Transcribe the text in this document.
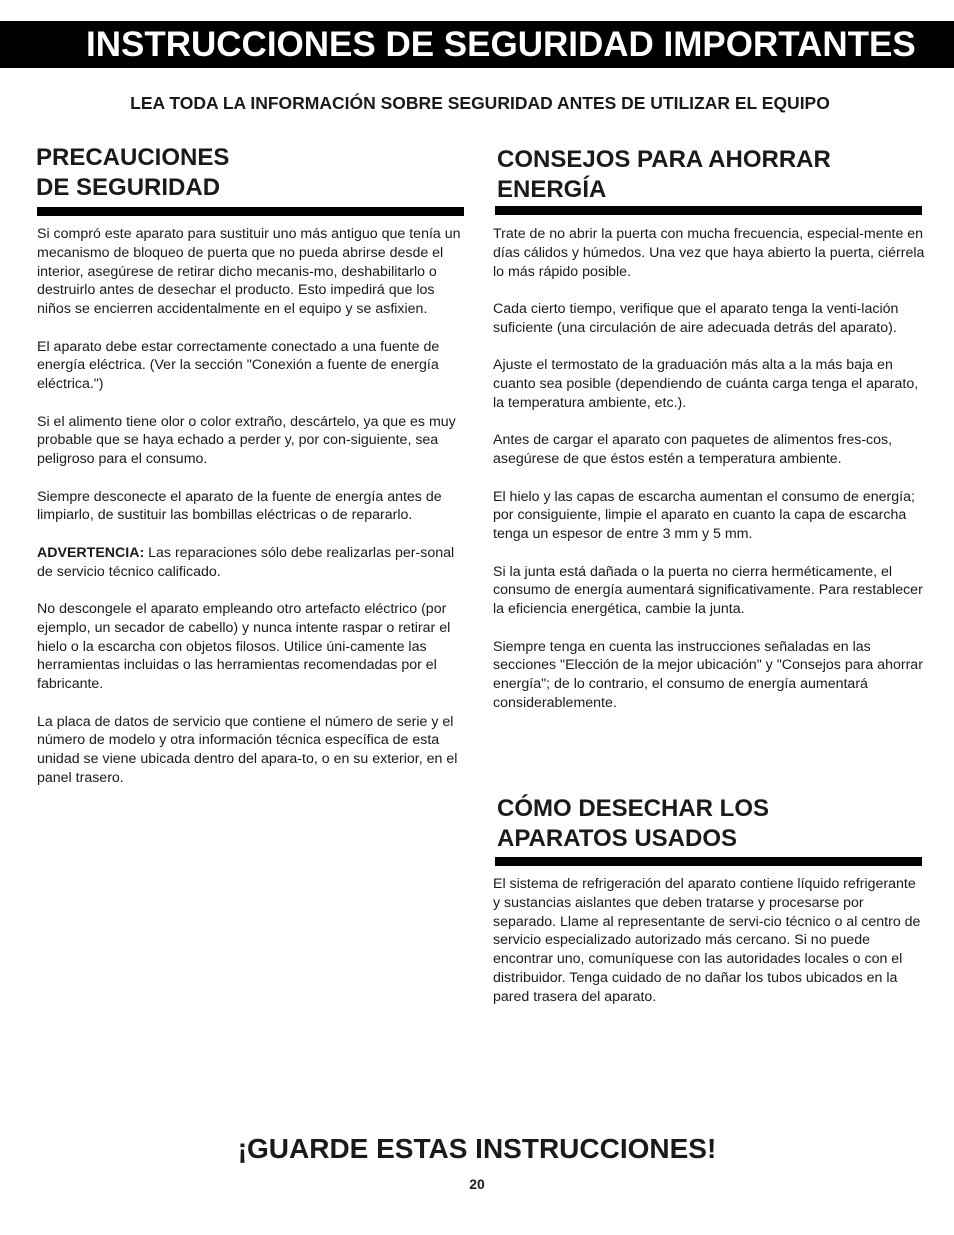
INSTRUCCIONES DE SEGURIDAD IMPORTANTES
LEA TODA LA INFORMACIÓN SOBRE SEGURIDAD ANTES DE UTILIZAR EL EQUIPO
PRECAUCIONES
DE SEGURIDAD

Si compró este aparato para sustituir uno más antiguo que tenía un mecanismo de bloqueo de puerta que no pueda abrirse desde el interior, asegúrese de retirar dicho mecanis-mo, deshabilitarlo o destruirlo antes de desechar el producto. Esto impedirá que los niños se encierren accidentalmente en el equipo y se asfixien.

El aparato debe estar correctamente conectado a una fuente de energía eléctrica. (Ver la sección "Conexión a fuente de energía eléctrica.")

Si el alimento tiene olor o color extraño, descártelo, ya que es muy probable que se haya echado a perder y, por con-siguiente, sea peligroso para el consumo.

Siempre desconecte el aparato de la fuente de energía antes de limpiarlo, de sustituir las bombillas eléctricas o de repararlo.

ADVERTENCIA: Las reparaciones sólo debe realizarlas per-sonal de servicio técnico calificado.

No descongele el aparato empleando otro artefacto eléctrico (por ejemplo, un secador de cabello) y nunca intente raspar o retirar el hielo o la escarcha con objetos filosos. Utilice úni-camente las herramientas incluidas o las herramientas recomendadas por el fabricante.

La placa de datos de servicio que contiene el número de serie y el número de modelo y otra información técnica específica de esta unidad se viene ubicada dentro del apara-to, o en su exterior, en el panel trasero.

CONSEJOS PARA AHORRAR
ENERGÍA

Trate de no abrir la puerta con mucha frecuencia, especial-mente en días cálidos y húmedos. Una vez que haya abierto la puerta, ciérrela lo más rápido posible.

Cada cierto tiempo, verifique que el aparato tenga la venti-lación suficiente (una circulación de aire adecuada detrás del aparato).

Ajuste el termostato de la graduación más alta a la más baja en cuanto sea posible (dependiendo de cuánta carga tenga el aparato, la temperatura ambiente, etc.).

Antes de cargar el aparato con paquetes de alimentos fres-cos, asegúrese de que éstos estén a temperatura ambiente.

El hielo y las capas de escarcha aumentan el consumo de energía; por consiguiente, limpie el aparato en cuanto la capa de escarcha tenga un espesor de entre 3 mm y 5 mm.

Si la junta está dañada o la puerta no cierra herméticamente, el consumo de energía aumentará significativamente. Para restablecer la eficiencia energética, cambie la junta.

Siempre tenga en cuenta las instrucciones señaladas en las secciones "Elección de la mejor ubicación" y "Consejos para ahorrar energía"; de lo contrario, el consumo de energía aumentará considerablemente.

CÓMO DESECHAR LOS
APARATOS USADOS

El sistema de refrigeración del aparato contiene líquido refrigerante y sustancias aislantes que deben tratarse y procesarse por separado. Llame al representante de servi-cio técnico o al centro de servicio especializado autorizado más cercano. Si no puede encontrar uno, comuníquese con las autoridades locales o con el distribuidor. Tenga cuidado de no dañar los tubos ubicados en la pared trasera del aparato.

¡GUARDE ESTAS INSTRUCCIONES!
20
